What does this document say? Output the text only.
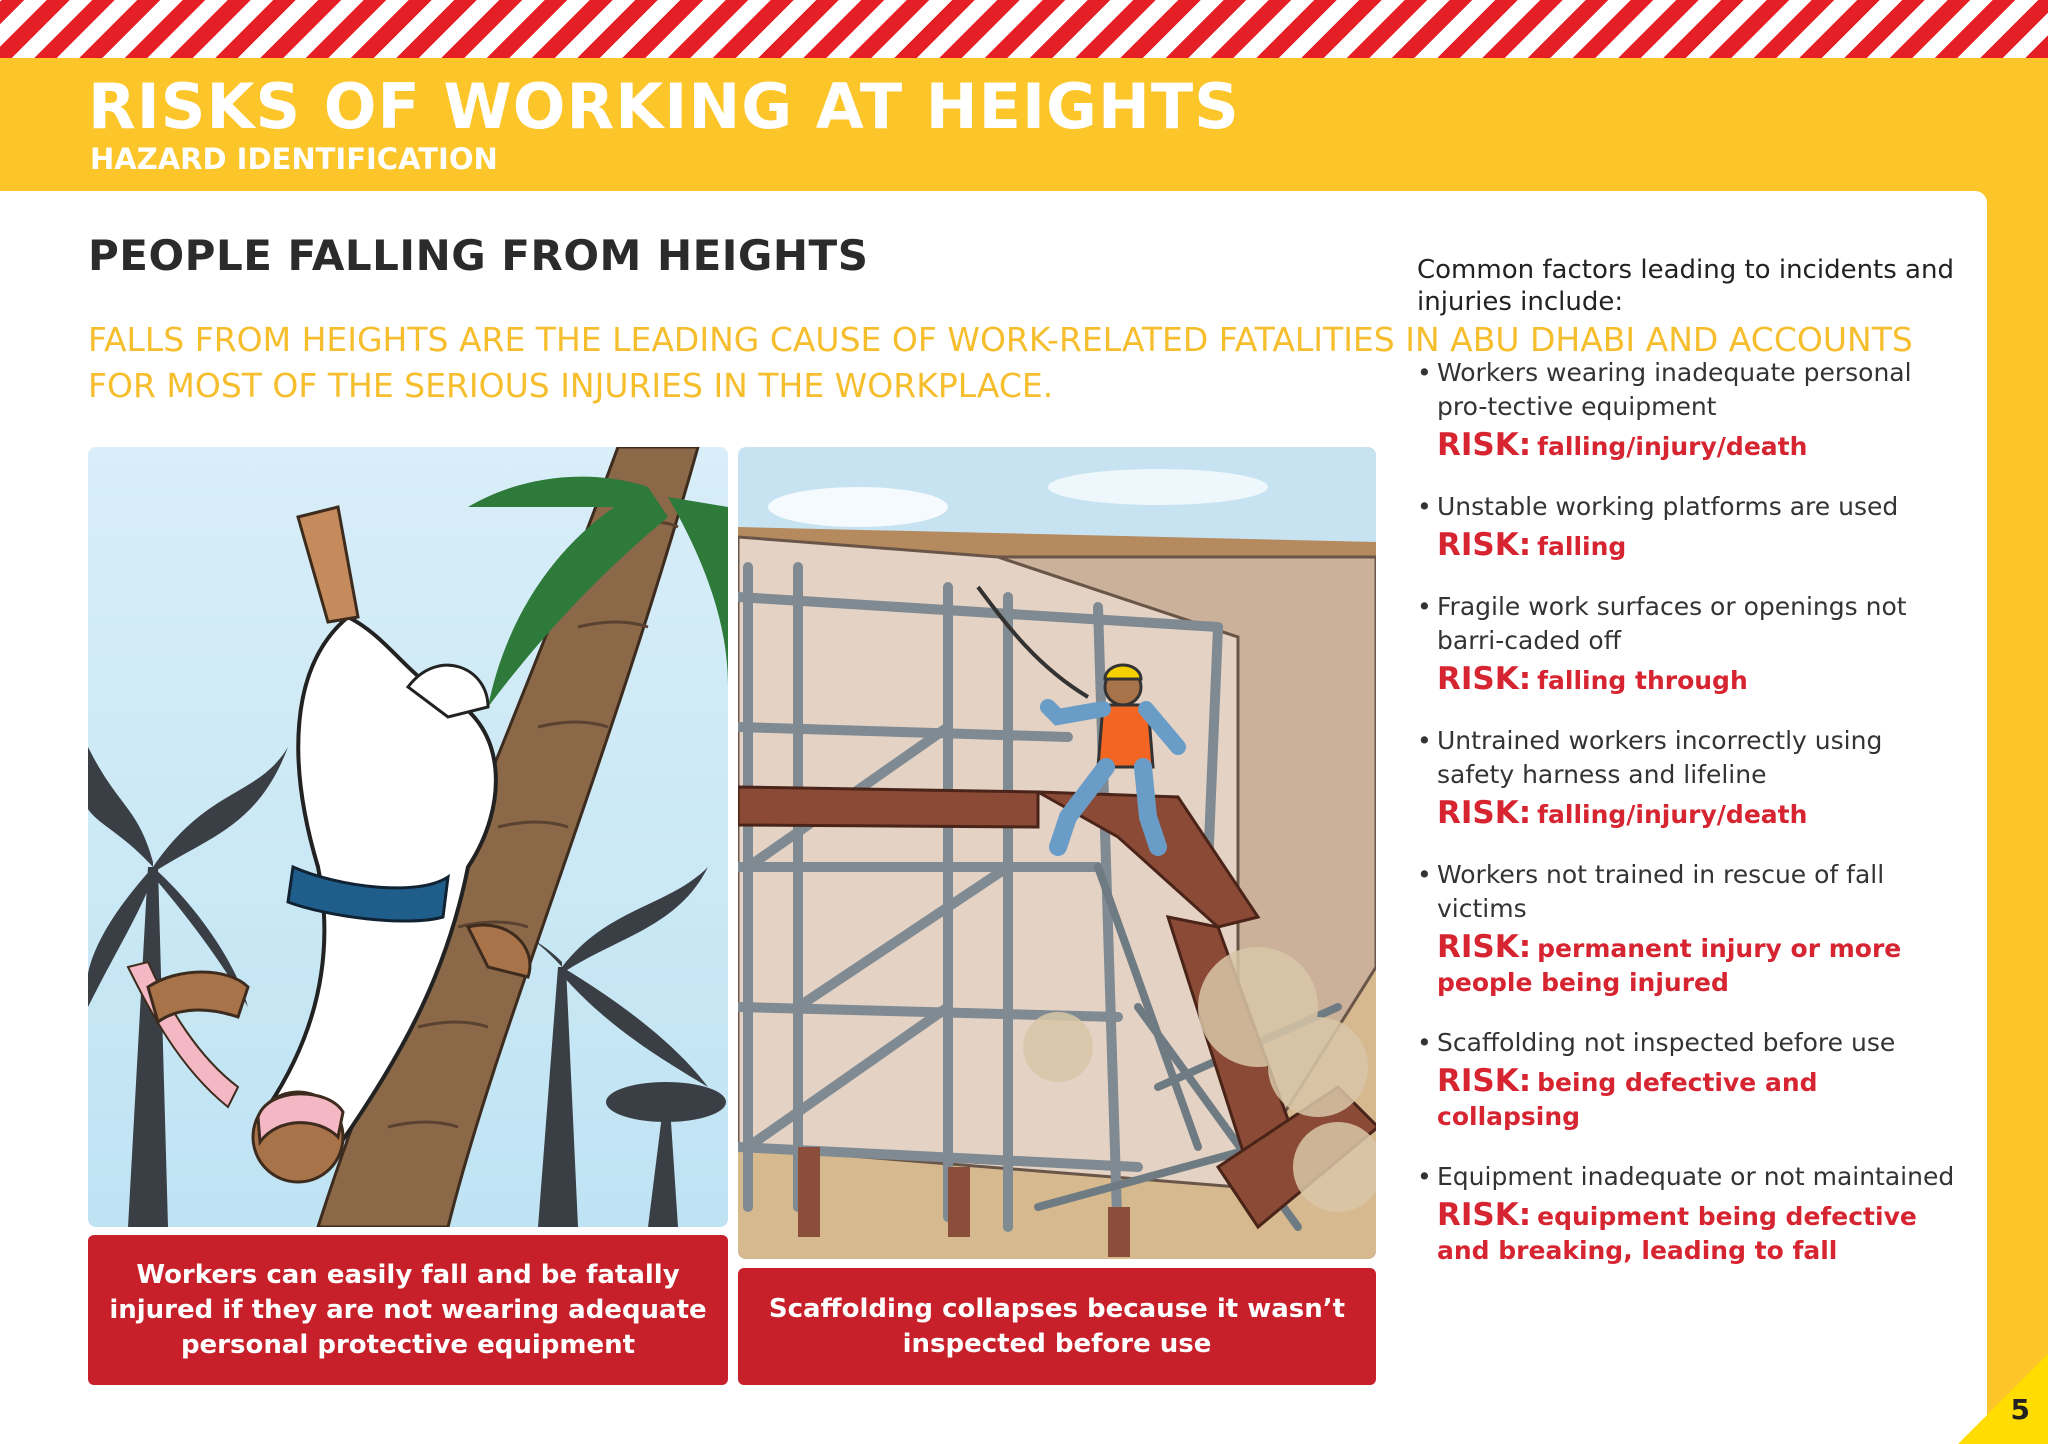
RISKS OF WORKING AT HEIGHTS
HAZARD IDENTIFICATION
PEOPLE FALLING FROM HEIGHTS
FALLS FROM HEIGHTS ARE THE LEADING CAUSE OF WORK-RELATED FATALITIES IN ABU DHABI AND ACCOUNTS FOR MOST OF THE SERIOUS INJURIES IN THE WORKPLACE.
Workers can easily fall and be fatally injured if they are not wearing adequate personal protective equipment
Scaffolding collapses because it wasn’t inspected before use
Common factors leading to incidents and injuries include:
• Workers wearing inadequate personal pro-tective equipment
RISK: falling/injury/death
• Unstable working platforms are used
RISK: falling
• Fragile work surfaces or openings not barri-caded off
RISK: falling through
• Untrained workers incorrectly using safety harness and lifeline
RISK: falling/injury/death
• Workers not trained in rescue of fall victims
RISK: permanent injury or more people being injured
• Scaffolding not inspected before use
RISK: being defective and collapsing
• Equipment inadequate or not maintained
RISK: equipment being defective and breaking, leading to fall
5
